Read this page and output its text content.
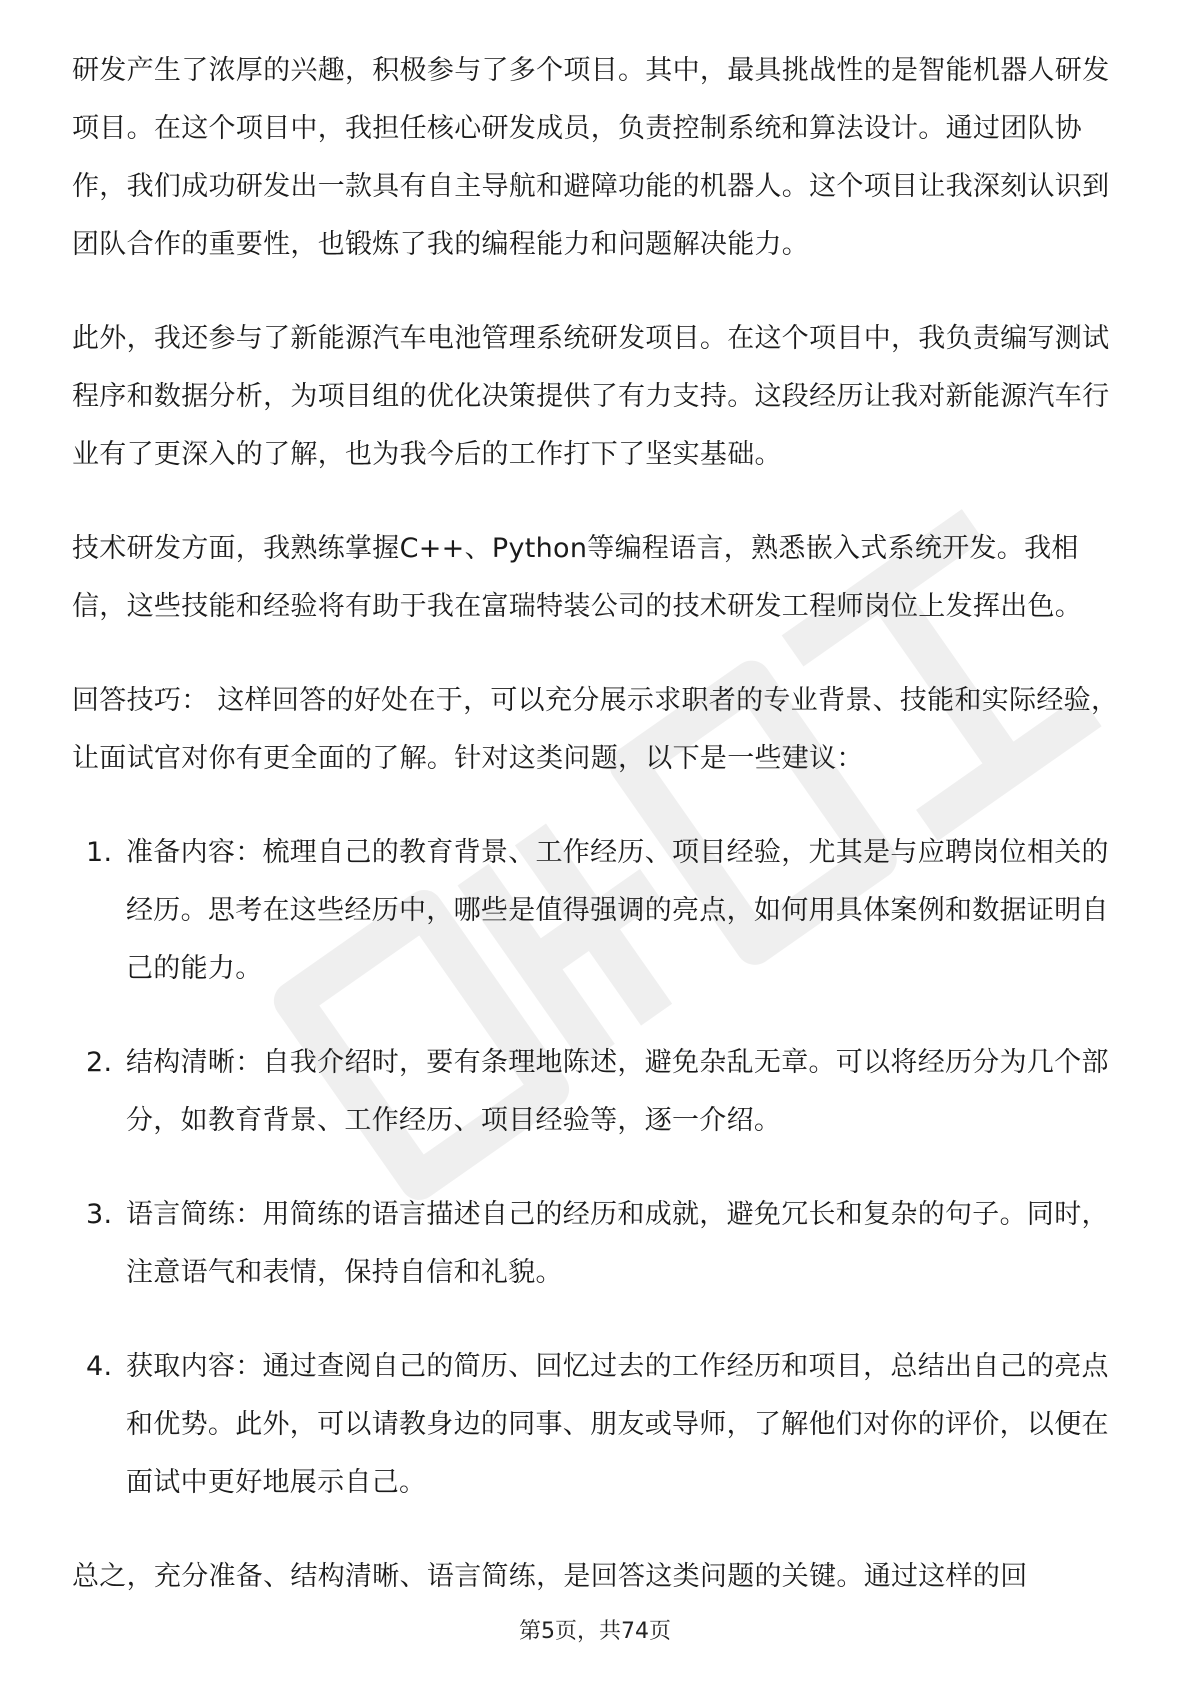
研发产生了浓厚的兴趣，积极参与了多个项目。其中，最具挑战性的是智能机器人研发项目。在这个项目中，我担任核心研发成员，负责控制系统和算法设计。通过团队协作，我们成功研发出一款具有自主导航和避障功能的机器人。这个项目让我深刻认识到团队合作的重要性，也锻炼了我的编程能力和问题解决能力。

此外，我还参与了新能源汽车电池管理系统研发项目。在这个项目中，我负责编写测试程序和数据分析，为项目组的优化决策提供了有力支持。这段经历让我对新能源汽车行业有了更深入的了解，也为我今后的工作打下了坚实基础。

技术研发方面，我熟练掌握C++、Python等编程语言，熟悉嵌入式系统开发。我相信，这些技能和经验将有助于我在富瑞特装公司的技术研发工程师岗位上发挥出色。

回答技巧： 这样回答的好处在于，可以充分展示求职者的专业背景、技能和实际经验，让面试官对你有更全面的了解。针对这类问题，以下是一些建议：

1. 准备内容：梳理自己的教育背景、工作经历、项目经验，尤其是与应聘岗位相关的经历。思考在这些经历中，哪些是值得强调的亮点，如何用具体案例和数据证明自己的能力。
2. 结构清晰：自我介绍时，要有条理地陈述，避免杂乱无章。可以将经历分为几个部分，如教育背景、工作经历、项目经验等，逐一介绍。
3. 语言简练：用简练的语言描述自己的经历和成就，避免冗长和复杂的句子。同时，注意语气和表情，保持自信和礼貌。
4. 获取内容：通过查阅自己的简历、回忆过去的工作经历和项目，总结出自己的亮点和优势。此外，可以请教身边的同事、朋友或导师，了解他们对你的评价，以便在面试中更好地展示自己。

总之，充分准备、结构清晰、语言简练，是回答这类问题的关键。通过这样的回

第5页，共74页
